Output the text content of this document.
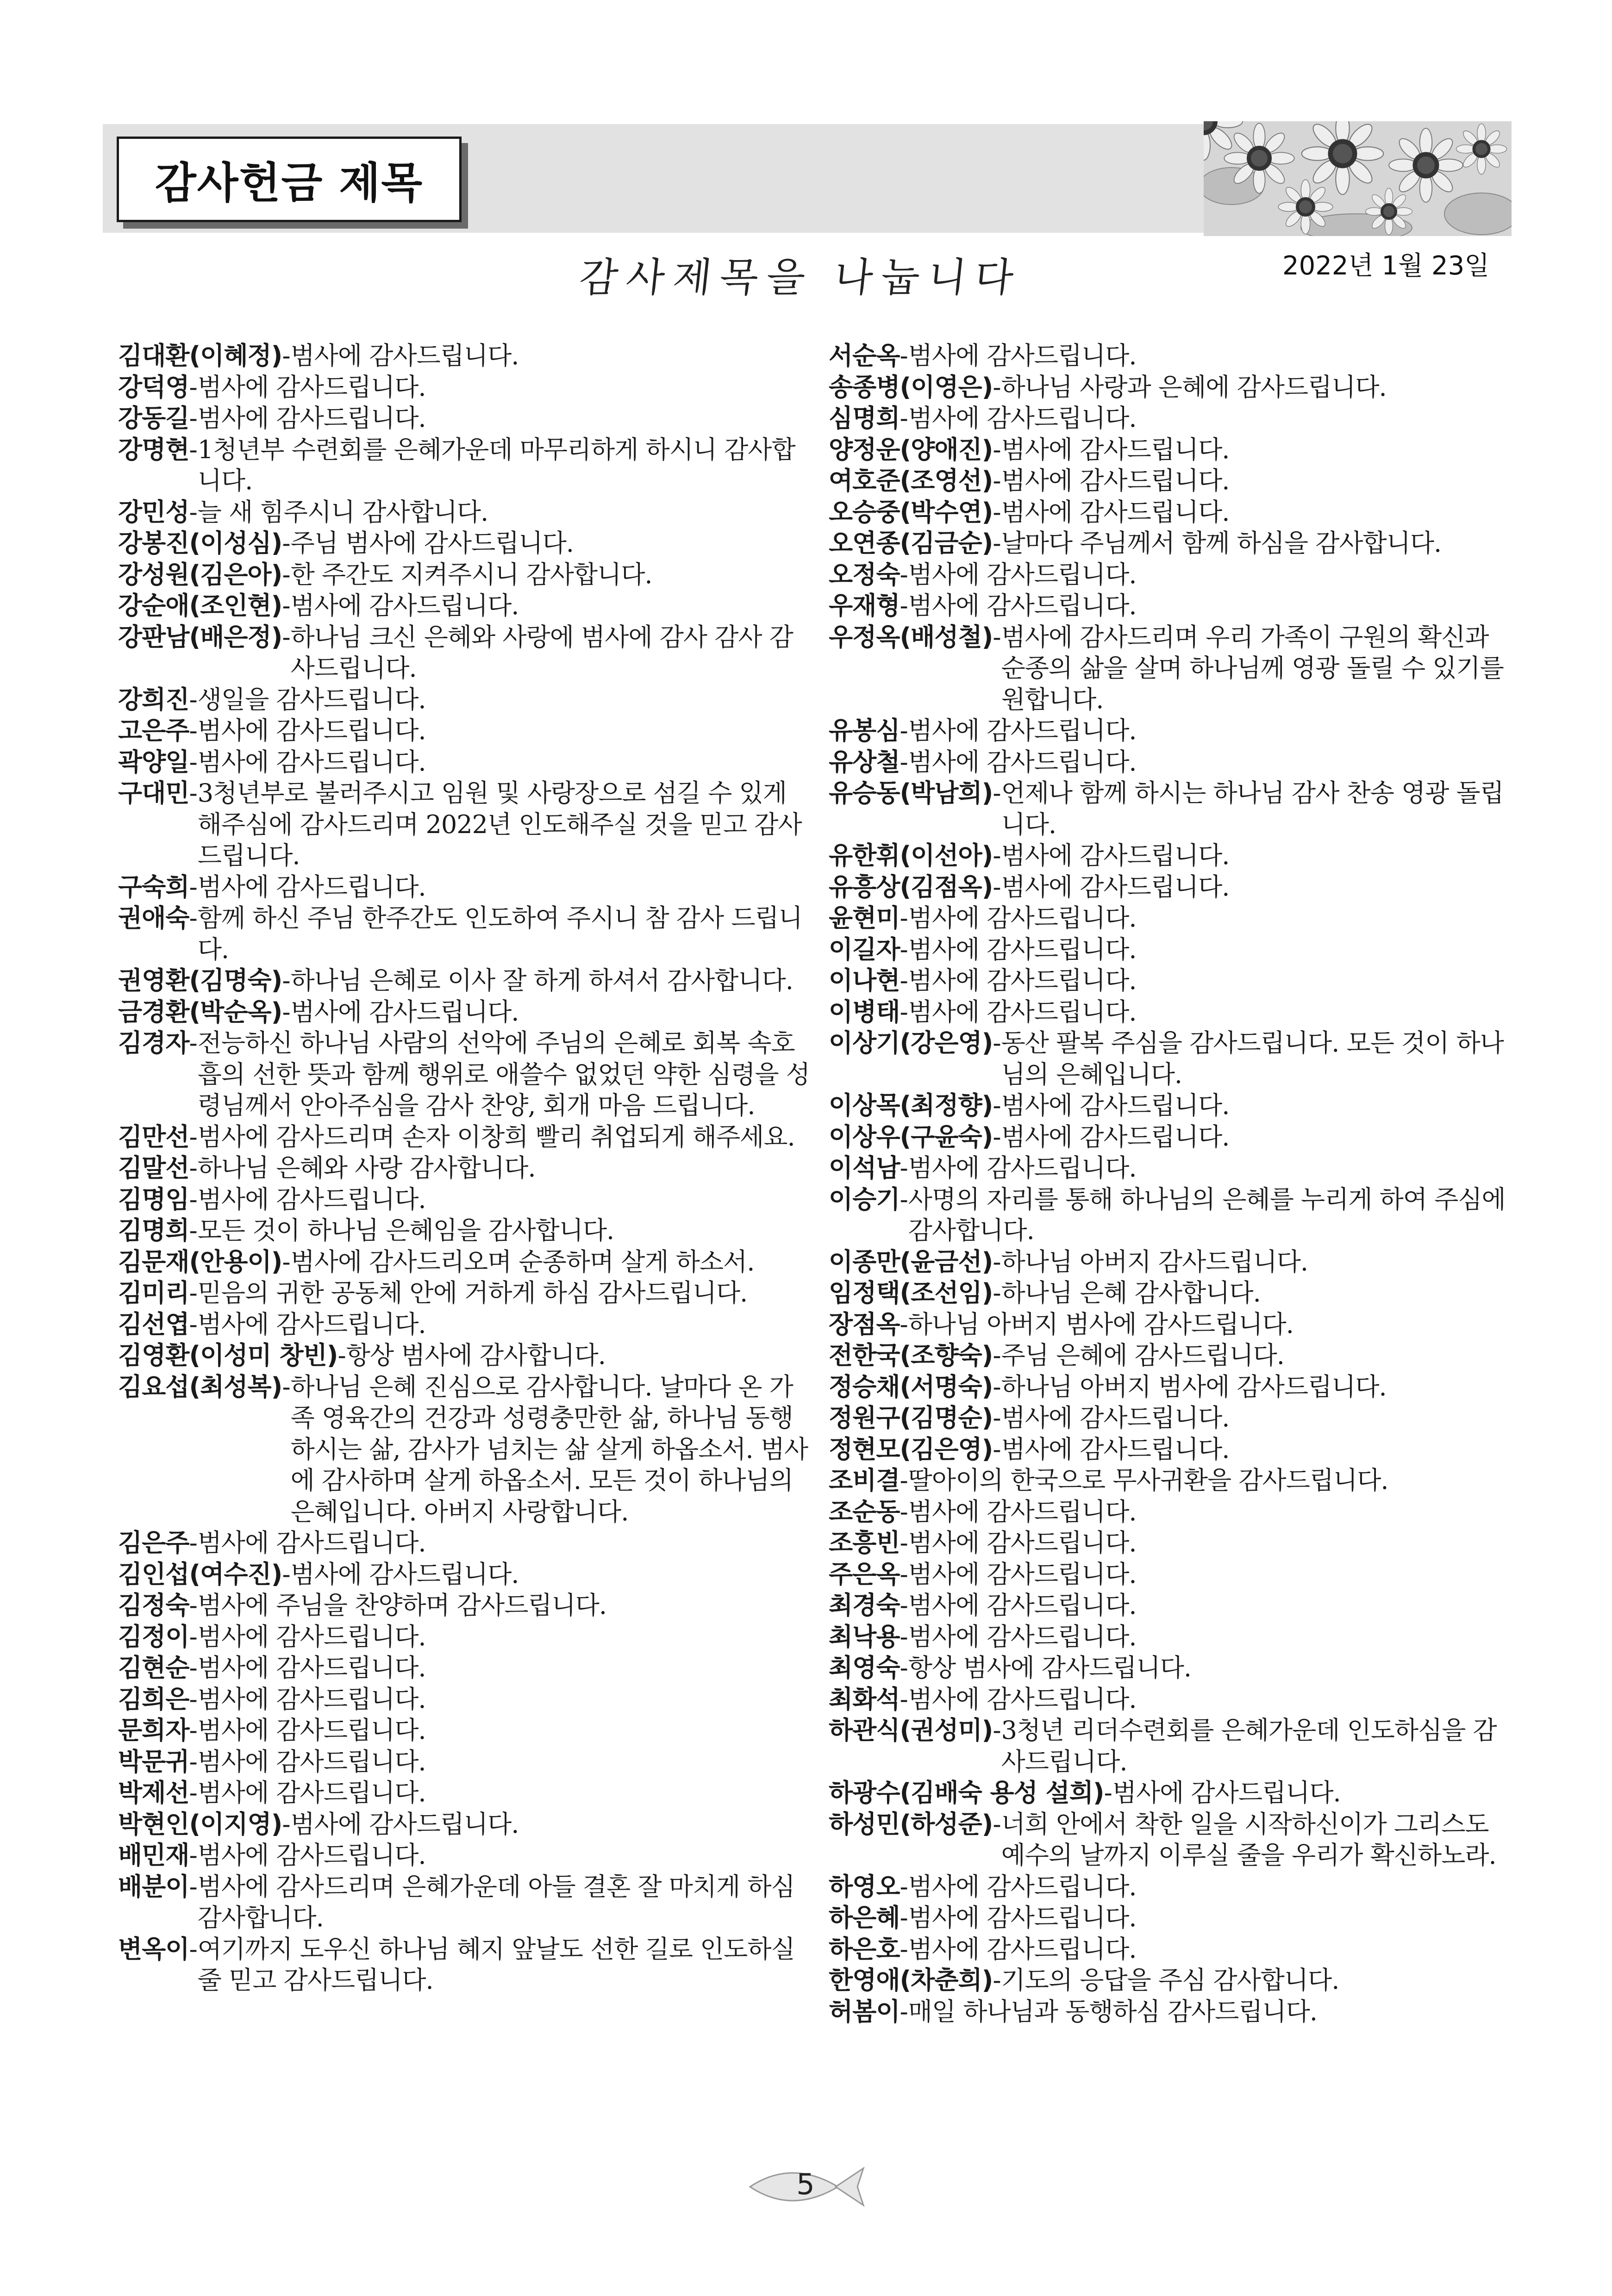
감사헌금 제목
감사제목을 나눕니다	2022년 1월 23일
김대환(이혜정) - 범사에 감사드립니다.
강덕영 - 범사에 감사드립니다.
강동길 - 범사에 감사드립니다.
강명현 - 1청년부 수련회를 은혜가운데 마무리하게 하시니 감사합니다.
강민성 - 늘 새 힘주시니 감사합니다.
강봉진(이성심) - 주님 범사에 감사드립니다.
강성원(김은아) - 한 주간도 지켜주시니 감사합니다.
강순애(조인현) - 범사에 감사드립니다.
강판남(배은정) - 하나님 크신 은혜와 사랑에 범사에 감사 감사 감사드립니다.
강희진 - 생일을 감사드립니다.
고은주 - 범사에 감사드립니다.
곽양일 - 범사에 감사드립니다.
구대민 - 3청년부로 불러주시고 임원 및 사랑장으로 섬길 수 있게 해주심에 감사드리며 2022년 인도해주실 것을 믿고 감사드립니다.
구숙희 - 범사에 감사드립니다.
권애숙 - 함께 하신 주님 한주간도 인도하여 주시니 참 감사 드립니다.
권영환(김명숙) - 하나님 은혜로 이사 잘 하게 하셔서 감사합니다.
금경환(박순옥) - 범사에 감사드립니다.
김경자 - 전능하신 하나님 사람의 선악에 주님의 은혜로 회복 속호흡의 선한 뜻과 함께 행위로 애쓸수 없었던 약한 심령을 성령님께서 안아주심을 감사 찬양, 회개 마음 드립니다.
김만선 - 범사에 감사드리며 손자 이창희 빨리 취업되게 해주세요.
김말선 - 하나님 은혜와 사랑 감사합니다.
김명임 - 범사에 감사드립니다.
김명희 - 모든 것이 하나님 은혜임을 감사합니다.
김문재(안용이) - 범사에 감사드리오며 순종하며 살게 하소서.
김미리 - 믿음의 귀한 공동체 안에 거하게 하심 감사드립니다.
김선엽 - 범사에 감사드립니다.
김영환(이성미 창빈) - 항상 범사에 감사합니다.
김요섭(최성복) - 하나님 은혜 진심으로 감사합니다. 날마다 온 가족 영육간의 건강과 성령충만한 삶, 하나님 동행하시는 삶, 감사가 넘치는 삶 살게 하옵소서. 범사에 감사하며 살게 하옵소서. 모든 것이 하나님의 은혜입니다. 아버지 사랑합니다.
김은주 - 범사에 감사드립니다.
김인섭(여수진) - 범사에 감사드립니다.
김정숙 - 범사에 주님을 찬양하며 감사드립니다.
김정이 - 범사에 감사드립니다.
김현순 - 범사에 감사드립니다.
김희은 - 범사에 감사드립니다.
문희자 - 범사에 감사드립니다.
박문귀 - 범사에 감사드립니다.
박제선 - 범사에 감사드립니다.
박현인(이지영) - 범사에 감사드립니다.
배민재 - 범사에 감사드립니다.
배분이 - 범사에 감사드리며 은혜가운데 아들 결혼 잘 마치게 하심 감사합니다.
변옥이 - 여기까지 도우신 하나님 혜지 앞날도 선한 길로 인도하실 줄 믿고 감사드립니다.
서순옥 - 범사에 감사드립니다.
송종병(이영은) - 하나님 사랑과 은혜에 감사드립니다.
심명희 - 범사에 감사드립니다.
양정운(양애진) - 범사에 감사드립니다.
여호준(조영선) - 범사에 감사드립니다.
오승중(박수연) - 범사에 감사드립니다.
오연종(김금순) - 날마다 주님께서 함께 하심을 감사합니다.
오정숙 - 범사에 감사드립니다.
우재형 - 범사에 감사드립니다.
우정옥(배성철) - 범사에 감사드리며 우리 가족이 구원의 확신과 순종의 삶을 살며 하나님께 영광 돌릴 수 있기를 원합니다.
유봉심 - 범사에 감사드립니다.
유상철 - 범사에 감사드립니다.
유승동(박남희) - 언제나 함께 하시는 하나님 감사 찬송 영광 돌립니다.
유한휘(이선아) - 범사에 감사드립니다.
유흥상(김점옥) - 범사에 감사드립니다.
윤현미 - 범사에 감사드립니다.
이길자 - 범사에 감사드립니다.
이나현 - 범사에 감사드립니다.
이병태 - 범사에 감사드립니다.
이상기(강은영) - 동산 팔복 주심을 감사드립니다. 모든 것이 하나님의 은혜입니다.
이상목(최정향) - 범사에 감사드립니다.
이상우(구윤숙) - 범사에 감사드립니다.
이석남 - 범사에 감사드립니다.
이승기 - 사명의 자리를 통해 하나님의 은혜를 누리게 하여 주심에 감사합니다.
이종만(윤금선) - 하나님 아버지 감사드립니다.
임정택(조선임) - 하나님 은혜 감사합니다.
장점옥 - 하나님 아버지 범사에 감사드립니다.
전한국(조향숙) - 주님 은혜에 감사드립니다.
정승채(서명숙) - 하나님 아버지 범사에 감사드립니다.
정원구(김명순) - 범사에 감사드립니다.
정현모(김은영) - 범사에 감사드립니다.
조비결 - 딸아이의 한국으로 무사귀환을 감사드립니다.
조순동 - 범사에 감사드립니다.
조흥빈 - 범사에 감사드립니다.
주은옥 - 범사에 감사드립니다.
최경숙 - 범사에 감사드립니다.
최낙용 - 범사에 감사드립니다.
최영숙 - 항상 범사에 감사드립니다.
최화석 - 범사에 감사드립니다.
하관식(권성미) - 3청년 리더수련회를 은혜가운데 인도하심을 감사드립니다.
하광수(김배숙 용성 설희) - 범사에 감사드립니다.
하성민(하성준) - 너희 안에서 착한 일을 시작하신이가 그리스도 예수의 날까지 이루실 줄을 우리가 확신하노라.
하영오 - 범사에 감사드립니다.
하은혜 - 범사에 감사드립니다.
하은호 - 범사에 감사드립니다.
한영애(차춘희) - 기도의 응답을 주심 감사합니다.
허봄이 - 매일 하나님과 동행하심 감사드립니다.
5
